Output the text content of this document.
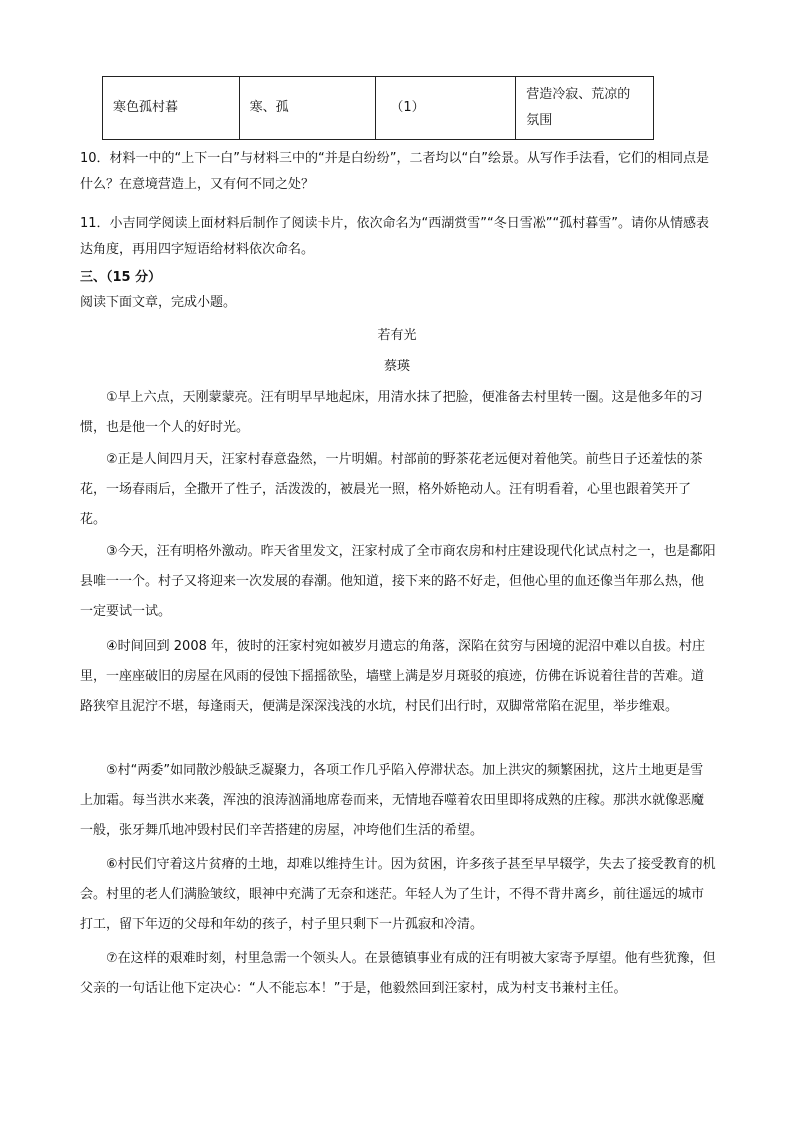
寒色孤村暮	寒、孤	（1）	营造冷寂、荒凉的氛围

10．材料一中的“上下一白”与材料三中的“并是白纷纷”，二者均以“白”绘景。从写作手法看，它们的相同点是什么？在意境营造上，又有何不同之处？

11．小吉同学阅读上面材料后制作了阅读卡片，依次命名为“西湖赏雪”“冬日雪凇”“孤村暮雪”。请你从情感表达角度，再用四字短语给材料依次命名。

三、（15 分）

阅读下面文章，完成小题。

若有光

蔡瑛

①早上六点，天刚蒙蒙亮。汪有明早早地起床，用清水抹了把脸，便准备去村里转一圈。这是他多年的习惯，也是他一个人的好时光。

②正是人间四月天，汪家村春意盎然，一片明媚。村部前的野茶花老远便对着他笑。前些日子还羞怯的茶花，一场春雨后，全撒开了性子，活泼泼的，被晨光一照，格外娇艳动人。汪有明看着，心里也跟着笑开了花。

③今天，汪有明格外激动。昨天省里发文，汪家村成了全市商农房和村庄建设现代化试点村之一，也是鄱阳县唯一一个。村子又将迎来一次发展的春潮。他知道，接下来的路不好走，但他心里的血还像当年那么热，他一定要试一试。

④时间回到 2008 年，彼时的汪家村宛如被岁月遗忘的角落，深陷在贫穷与困境的泥沼中难以自拔。村庄里，一座座破旧的房屋在风雨的侵蚀下摇摇欲坠，墙壁上满是岁月斑驳的痕迹，仿佛在诉说着往昔的苦难。道路狭窄且泥泞不堪，每逢雨天，便满是深深浅浅的水坑，村民们出行时，双脚常常陷在泥里，举步维艰。

⑤村“两委”如同散沙般缺乏凝聚力，各项工作几乎陷入停滞状态。加上洪灾的频繁困扰，这片土地更是雪上加霜。每当洪水来袭，浑浊的浪涛汹涌地席卷而来，无情地吞噬着农田里即将成熟的庄稼。那洪水就像恶魔一般，张牙舞爪地冲毁村民们辛苦搭建的房屋，冲垮他们生活的希望。

⑥村民们守着这片贫瘠的土地，却难以维持生计。因为贫困，许多孩子甚至早早辍学，失去了接受教育的机会。村里的老人们满脸皱纹，眼神中充满了无奈和迷茫。年轻人为了生计，不得不背井离乡，前往遥远的城市打工，留下年迈的父母和年幼的孩子，村子里只剩下一片孤寂和冷清。

⑦在这样的艰难时刻，村里急需一个领头人。在景德镇事业有成的汪有明被大家寄予厚望。他有些犹豫，但父亲的一句话让他下定决心：“人不能忘本！”于是，他毅然回到汪家村，成为村支书兼村主任。
